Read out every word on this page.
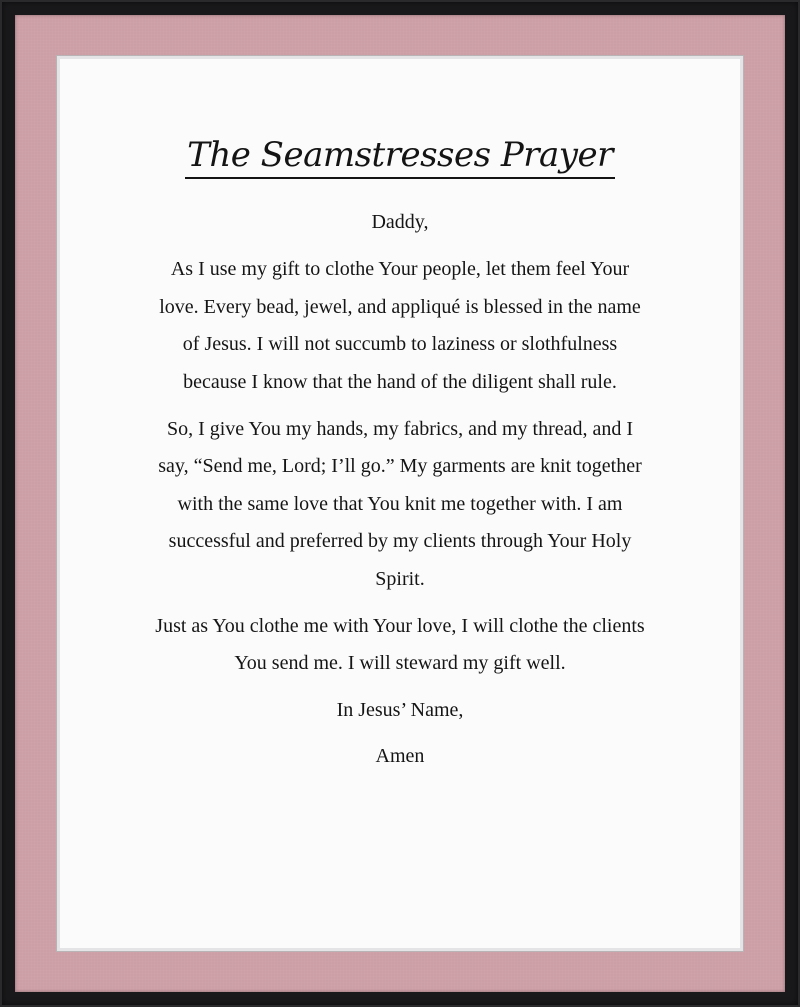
The Seamstresses Prayer
Daddy,
As I use my gift to clothe Your people, let them feel Your
love. Every bead, jewel, and appliqué is blessed in the name
of Jesus. I will not succumb to laziness or slothfulness
because I know that the hand of the diligent shall rule.
So, I give You my hands, my fabrics, and my thread, and I
say, “Send me, Lord; I’ll go.” My garments are knit together
with the same love that You knit me together with. I am
successful and preferred by my clients through Your Holy
Spirit.
Just as You clothe me with Your love, I will clothe the clients
You send me. I will steward my gift well.
In Jesus’ Name,
Amen
